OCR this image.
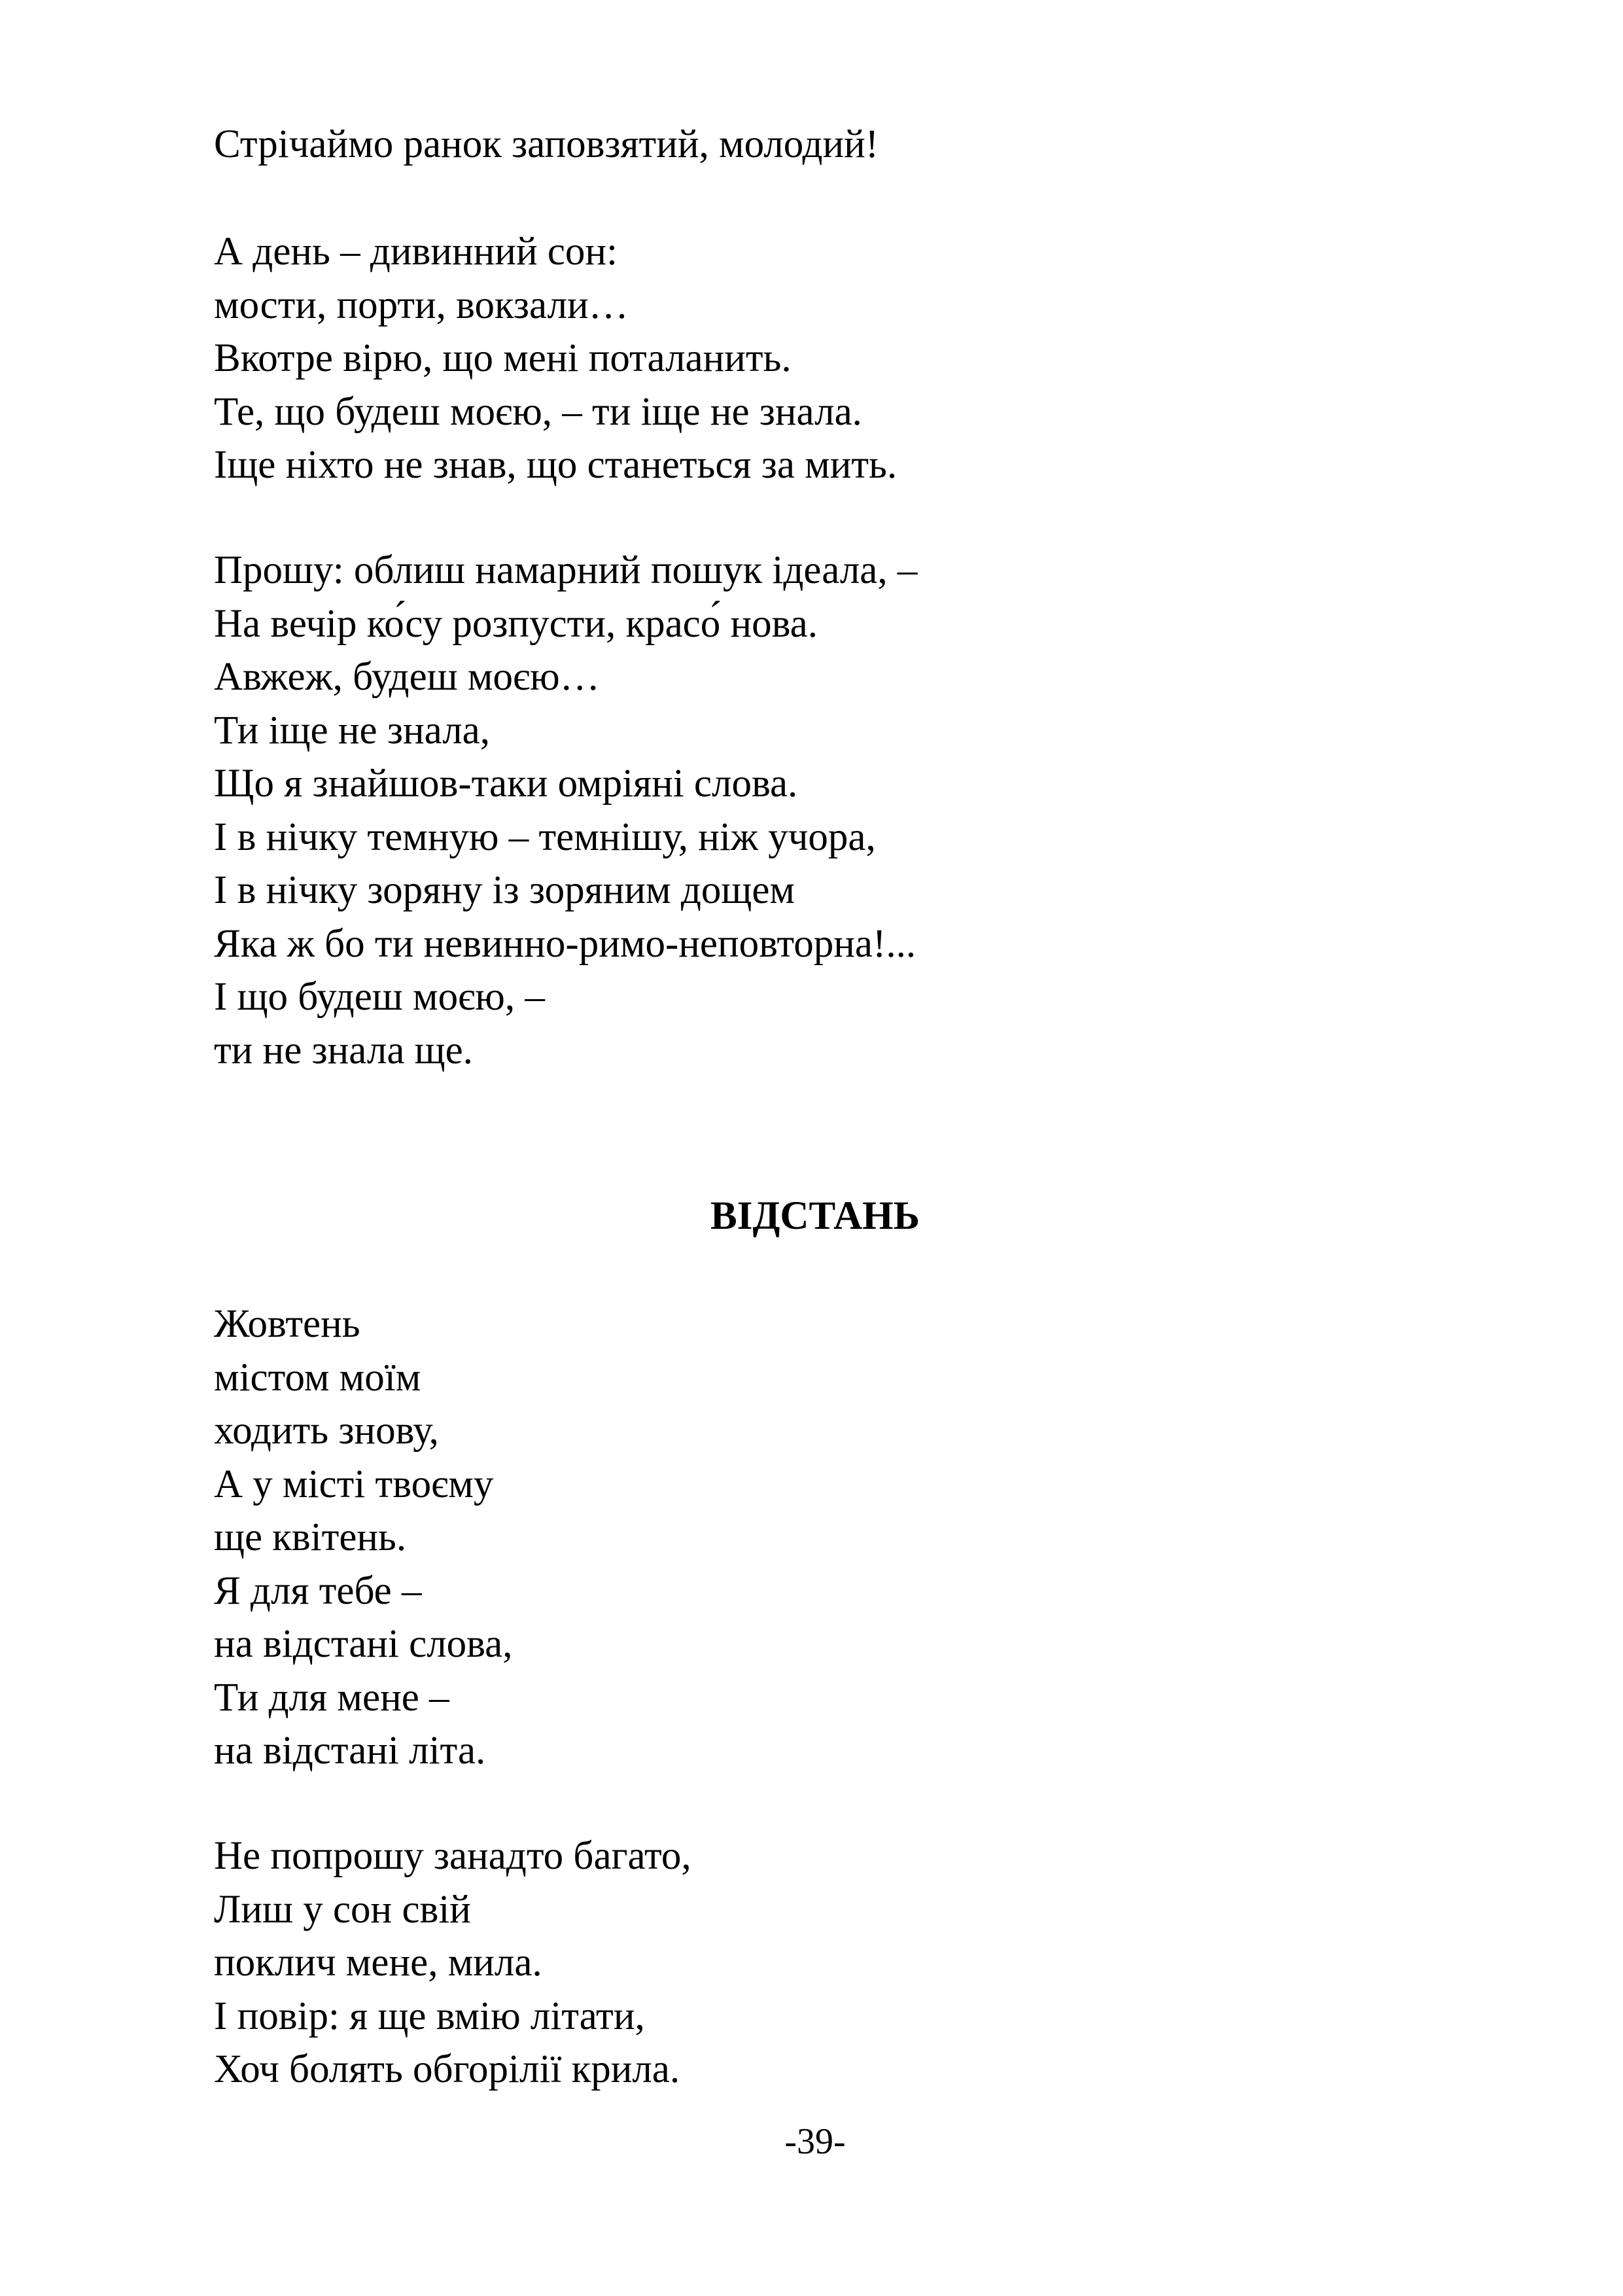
Стрічаймо ранок заповзятий, молодий!
А день – дивинний сон:
мости, порти, вокзали…
Вкотре вірю, що мені поталанить.
Те, що будеш моєю, – ти іще не знала.
Іще ніхто не знав, що станеться за мить.
Прошу: облиш намарний пошук ідеала, –
На вечір ко́су розпусти, красо́ нова.
Авжеж, будеш моєю…
Ти іще не знала,
Що я знайшов-таки омріяні слова.
І в нічку темную – темнішу, ніж учора,
І в нічку зоряну із зоряним дощем
Яка ж бо ти невинно-римо-неповторна!...
І що будеш моєю, –
ти не знала ще.
ВІДСТАНЬ
Жовтень
містом моїм
ходить знову,
А у місті твоєму
ще квітень.
Я для тебе –
на відстані слова,
Ти для мене –
на відстані літа.
Не попрошу занадто багато,
Лиш у сон свій
поклич мене, мила.
І повір: я ще вмію літати,
Хоч болять обгорілії крила.
-39-
